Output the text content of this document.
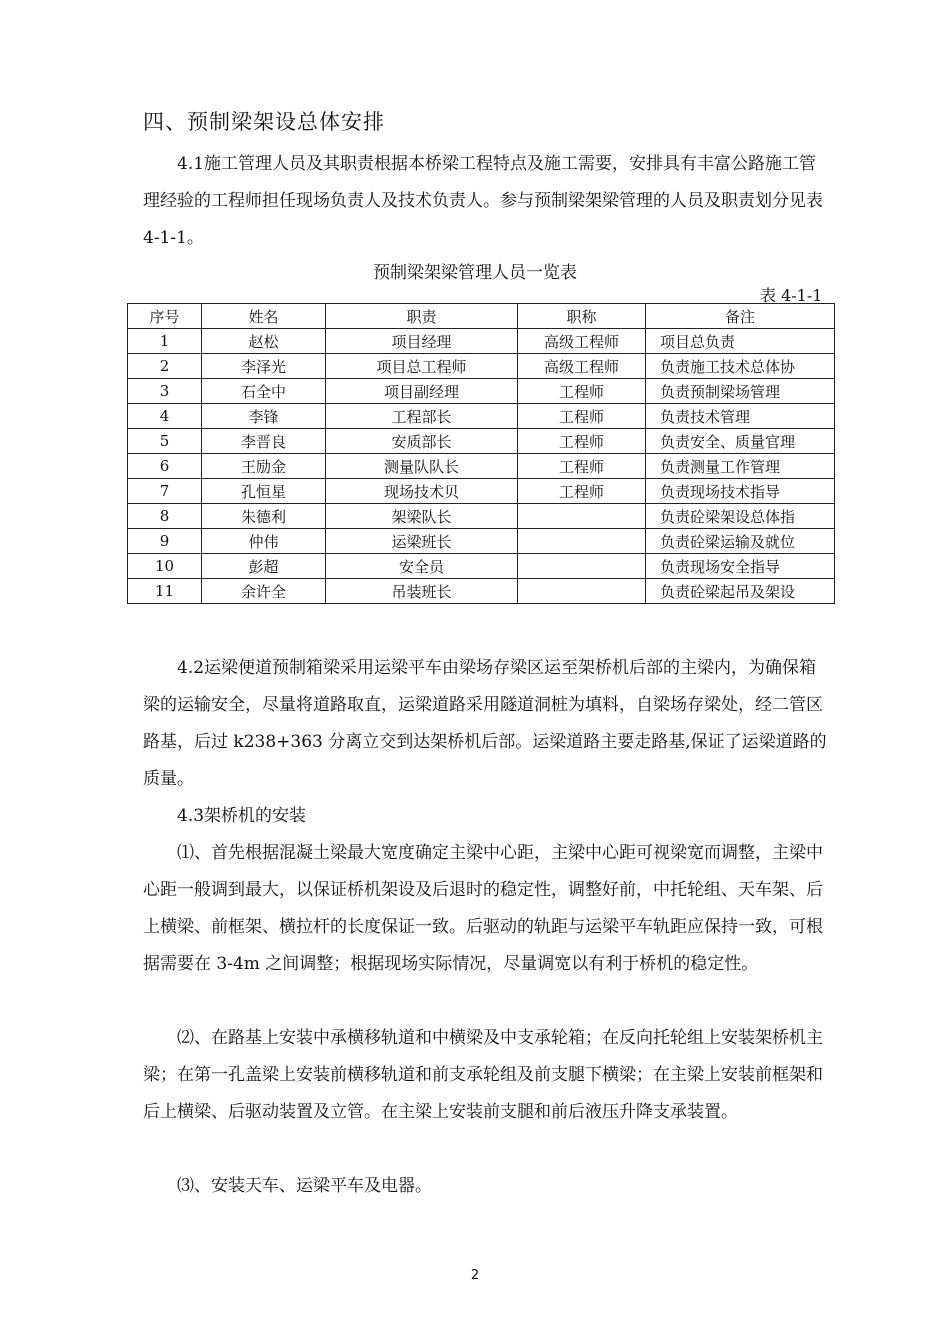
四、预制梁架设总体安排
4.1施工管理人员及其职责根据本桥梁工程特点及施工需要，安排具有丰富公路施工管理经验的工程师担任现场负责人及技术负责人。参与预制梁架梁管理的人员及职责划分见表 4-1-1。
预制梁架梁管理人员一览表
表 4-1-1
序号	姓名	职责	职称	备注
1	赵松	项目经理	高级工程师	项目总负责
2	李泽光	项目总工程师	高级工程师	负责施工技术总体协
3	石全中	项目副经理	工程师	负责预制梁场管理
4	李锋	工程部长	工程师	负责技术管理
5	李晋良	安质部长	工程师	负责安全、质量官理
6	王励金	测量队队长	工程师	负责测量工作管理
7	孔恒星	现场技术贝	工程师	负责现场技术指导
8	朱德利	架梁队长		负责砼梁架设总体指
9	仲伟	运梁班长		负责砼梁运输及就位
10	彭超	安全员		负责现场安全指导
11	余许全	吊装班长		负责砼梁起吊及架设
4.2运梁便道预制箱梁采用运梁平车由梁场存梁区运至架桥机后部的主梁内，为确保箱梁的运输安全，尽量将道路取直，运梁道路采用隧道洞桩为填料，自梁场存梁处，经二管区路基，后过 k238+363 分离立交到达架桥机后部。运梁道路主要走路基,保证了运梁道路的质量。
4.3架桥机的安装
⑴、首先根据混凝土梁最大宽度确定主梁中心距，主梁中心距可视梁宽而调整，主梁中心距一般调到最大，以保证桥机架设及后退时的稳定性，调整好前，中托轮组、天车架、后上横梁、前框架、横拉杆的长度保证一致。后驱动的轨距与运梁平车轨距应保持一致，可根据需要在 3-4m 之间调整；根据现场实际情况，尽量调宽以有利于桥机的稳定性。
⑵、在路基上安装中承横移轨道和中横梁及中支承轮箱；在反向托轮组上安装架桥机主梁；在第一孔盖梁上安装前横移轨道和前支承轮组及前支腿下横梁；在主梁上安装前框架和后上横梁、后驱动装置及立管。在主梁上安装前支腿和前后液压升降支承装置。
⑶、安装天车、运梁平车及电器。
2
